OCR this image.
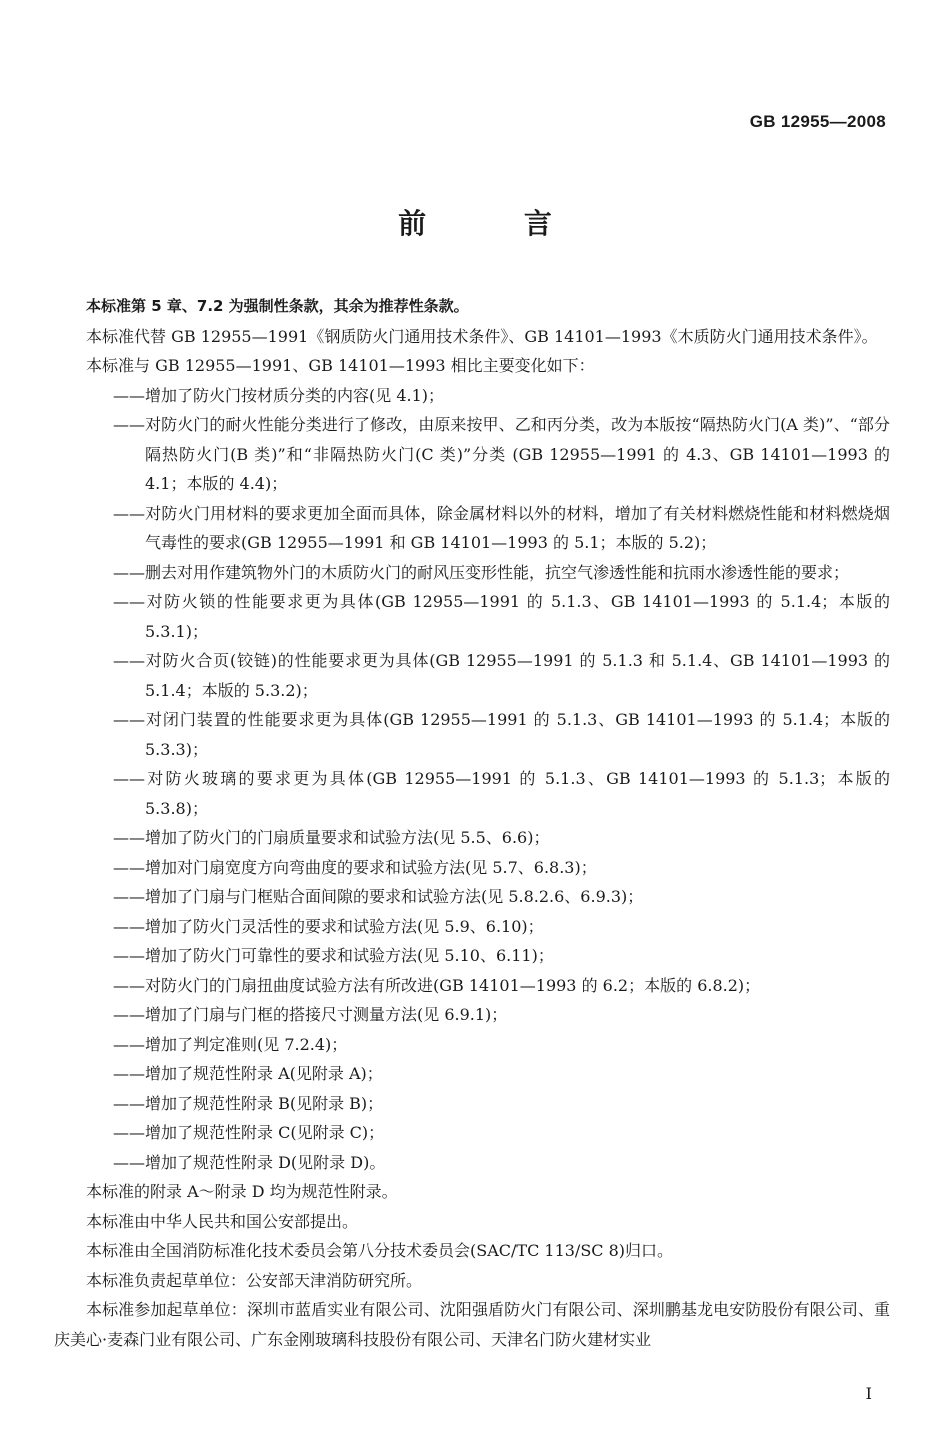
GB 12955—2008
前 言

本标准第 5 章、7.2 为强制性条款，其余为推荐性条款。

本标准代替 GB 12955—1991《钢质防火门通用技术条件》、GB 14101—1993《木质防火门通用技术条件》。

本标准与 GB 12955—1991、GB 14101—1993 相比主要变化如下：

——增加了防火门按材质分类的内容(见 4.1)；

——对防火门的耐火性能分类进行了修改，由原来按甲、乙和丙分类，改为本版按“隔热防火门(A 类)”、“部分隔热防火门(B 类)”和“非隔热防火门(C 类)”分类 (GB 12955—1991 的 4.3、GB 14101—1993 的 4.1；本版的 4.4)；

——对防火门用材料的要求更加全面而具体，除金属材料以外的材料，增加了有关材料燃烧性能和材料燃烧烟气毒性的要求(GB 12955—1991 和 GB 14101—1993 的 5.1；本版的 5.2)；

——删去对用作建筑物外门的木质防火门的耐风压变形性能，抗空气渗透性能和抗雨水渗透性能的要求；

——对防火锁的性能要求更为具体(GB 12955—1991 的 5.1.3、GB 14101—1993 的 5.1.4；本版的 5.3.1)；

——对防火合页(铰链)的性能要求更为具体(GB 12955—1991 的 5.1.3 和 5.1.4、GB 14101—1993 的 5.1.4；本版的 5.3.2)；

——对闭门装置的性能要求更为具体(GB 12955—1991 的 5.1.3、GB 14101—1993 的 5.1.4；本版的 5.3.3)；

——对防火玻璃的要求更为具体(GB 12955—1991 的 5.1.3、GB 14101—1993 的 5.1.3；本版的 5.3.8)；

——增加了防火门的门扇质量要求和试验方法(见 5.5、6.6)；

——增加对门扇宽度方向弯曲度的要求和试验方法(见 5.7、6.8.3)；

——增加了门扇与门框贴合面间隙的要求和试验方法(见 5.8.2.6、6.9.3)；

——增加了防火门灵活性的要求和试验方法(见 5.9、6.10)；

——增加了防火门可靠性的要求和试验方法(见 5.10、6.11)；

——对防火门的门扇扭曲度试验方法有所改进(GB 14101—1993 的 6.2；本版的 6.8.2)；

——增加了门扇与门框的搭接尺寸测量方法(见 6.9.1)；

——增加了判定准则(见 7.2.4)；

——增加了规范性附录 A(见附录 A)；

——增加了规范性附录 B(见附录 B)；

——增加了规范性附录 C(见附录 C)；

——增加了规范性附录 D(见附录 D)。

本标准的附录 A～附录 D 均为规范性附录。

本标准由中华人民共和国公安部提出。

本标准由全国消防标准化技术委员会第八分技术委员会(SAC/TC 113/SC 8)归口。

本标准负责起草单位：公安部天津消防研究所。

本标准参加起草单位：深圳市蓝盾实业有限公司、沈阳强盾防火门有限公司、深圳鹏基龙电安防股份有限公司、重庆美心·麦森门业有限公司、广东金刚玻璃科技股份有限公司、天津名门防火建材实业

I
